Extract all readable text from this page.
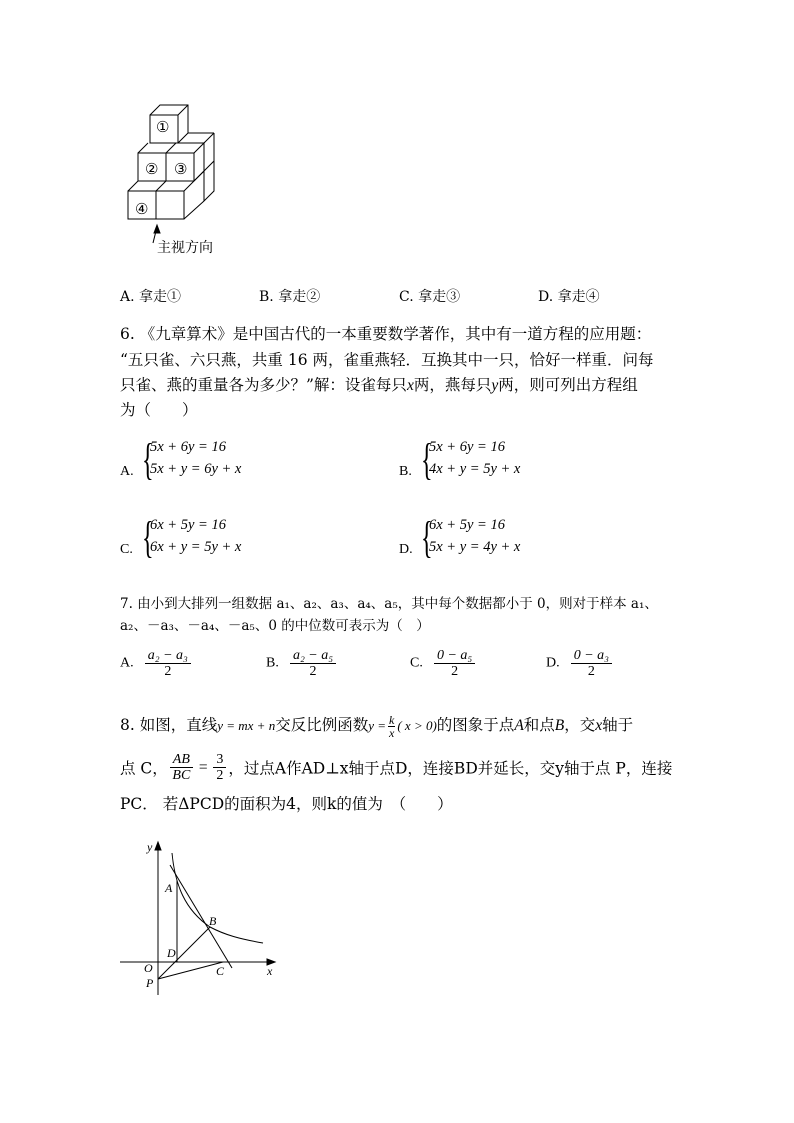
①
② ③
④
主视方向
A. 拿走①	B. 拿走②	C. 拿走③	D. 拿走④
6. 《九章算术》是中国古代的一本重要数学著作，其中有一道方程的应用题：
“五只雀、六只燕，共重 16 两，雀重燕轻．互换其中一只，恰好一样重．问每
只雀、燕的重量各为多少？”解：设雀每只x两，燕每只y两，则可列出方程组
为（　　）
A. {
5x + 6y = 16
5x + y = 6y + x	B. {
5x + 6y = 16
4x + y = 5y + x
C. {
6x + 5y = 16
6x + y = 5y + x	D. {
6x + 5y = 16
5x + y = 4y + x
7. 由小到大排列一组数据 a₁、a₂、a₃、a₄、a₅，其中每个数据都小于 0，则对于样本 a₁、
a₂、－a₃、－a₄、－a₅、0 的中位数可表示为（　）
A. $\frac{\text{a₂ − a₃}}{2}$	B. $\frac{\text{a₂ − a₅}}{2}$	C. $\frac{\text{0 − a₅}}{2}$	D. $\frac{\text{0 − a₃}}{2}$
8. 如图，直线y = mx + n交反比例函数$y = \frac{k}{x}$ ( x > 0)的图象于点A和点B，交x轴于
点 C， $\frac{AB}{BC} = \frac{3}{2}$ ，过点A作AD⊥x轴于点D，连接BD并延长，交y轴于点 P，连接
PC． 若ΔPCD的面积为4，则k的值为　（　　）
y
x
A
B
D
O
P
C
